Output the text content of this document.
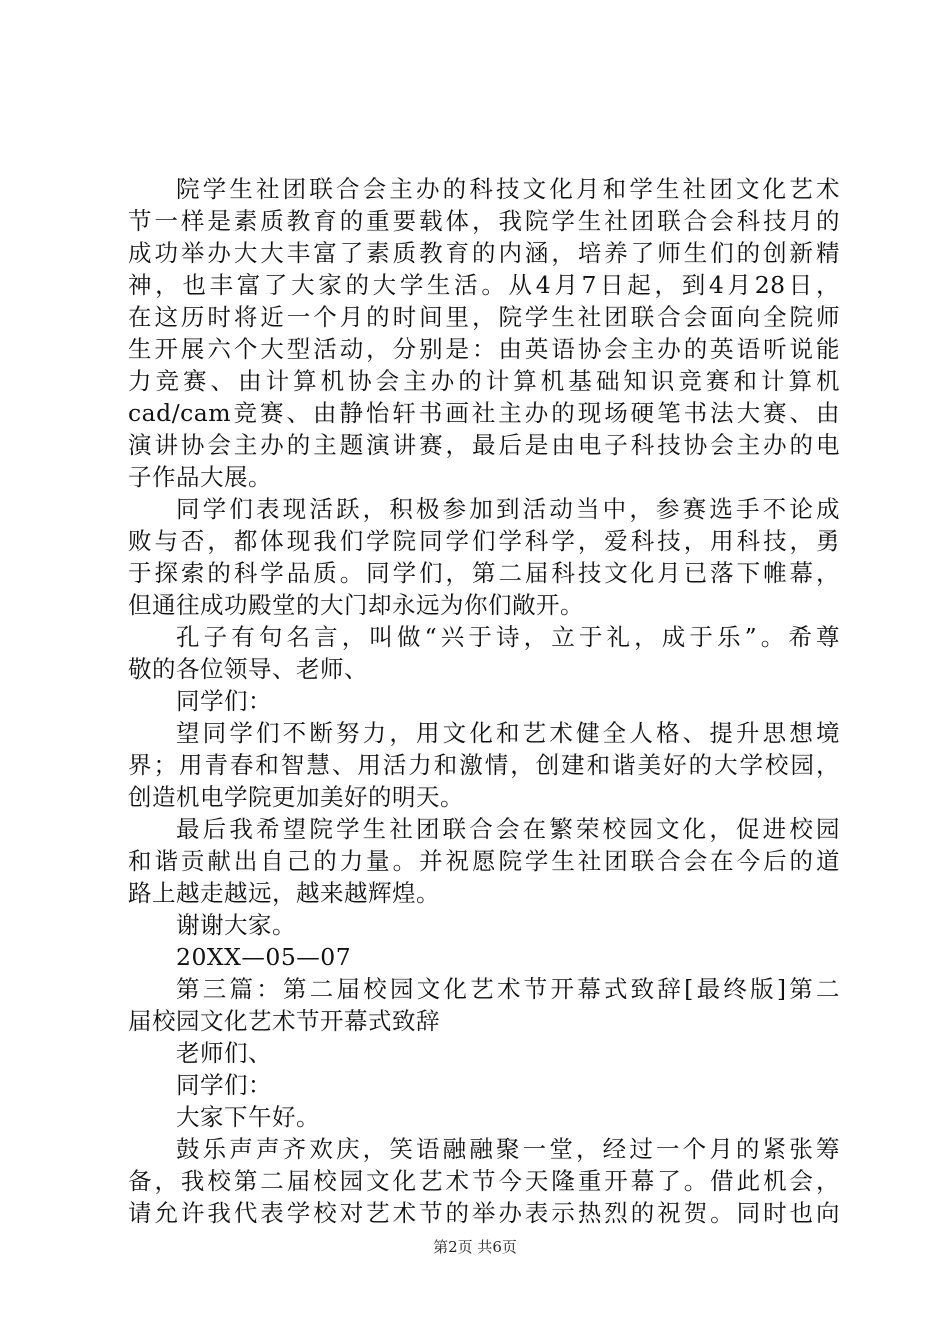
院学生社团联合会主办的科技文化月和学生社团文化艺术
节一样是素质教育的重要载体，我院学生社团联合会科技月的
成功举办大大丰富了素质教育的内涵，培养了师生们的创新精
神，也丰富了大家的大学生活。从4月7日起，到4月28日，
在这历时将近一个月的时间里，院学生社团联合会面向全院师
生开展六个大型活动，分别是：由英语协会主办的英语听说能
力竞赛、由计算机协会主办的计算机基础知识竞赛和计算机
cad/cam竞赛、由静怡轩书画社主办的现场硬笔书法大赛、由
演讲协会主办的主题演讲赛，最后是由电子科技协会主办的电
子作品大展。
同学们表现活跃，积极参加到活动当中，参赛选手不论成
败与否，都体现我们学院同学们学科学，爱科技，用科技，勇
于探索的科学品质。同学们，第二届科技文化月已落下帷幕，
但通往成功殿堂的大门却永远为你们敞开。
孔子有句名言，叫做“兴于诗，立于礼，成于乐”。希尊
敬的各位领导、老师、
同学们：
望同学们不断努力，用文化和艺术健全人格、提升思想境
界；用青春和智慧、用活力和激情，创建和谐美好的大学校园，
创造机电学院更加美好的明天。
最后我希望院学生社团联合会在繁荣校园文化，促进校园
和谐贡献出自己的力量。并祝愿院学生社团联合会在今后的道
路上越走越远，越来越辉煌。
谢谢大家。
20XX—05—07
第三篇：第二届校园文化艺术节开幕式致辞[最终版]第二
届校园文化艺术节开幕式致辞
老师们、
同学们：
大家下午好。
鼓乐声声齐欢庆，笑语融融聚一堂，经过一个月的紧张筹
备，我校第二届校园文化艺术节今天隆重开幕了。借此机会，
请允许我代表学校对艺术节的举办表示热烈的祝贺。同时也向
第2页 共6页
